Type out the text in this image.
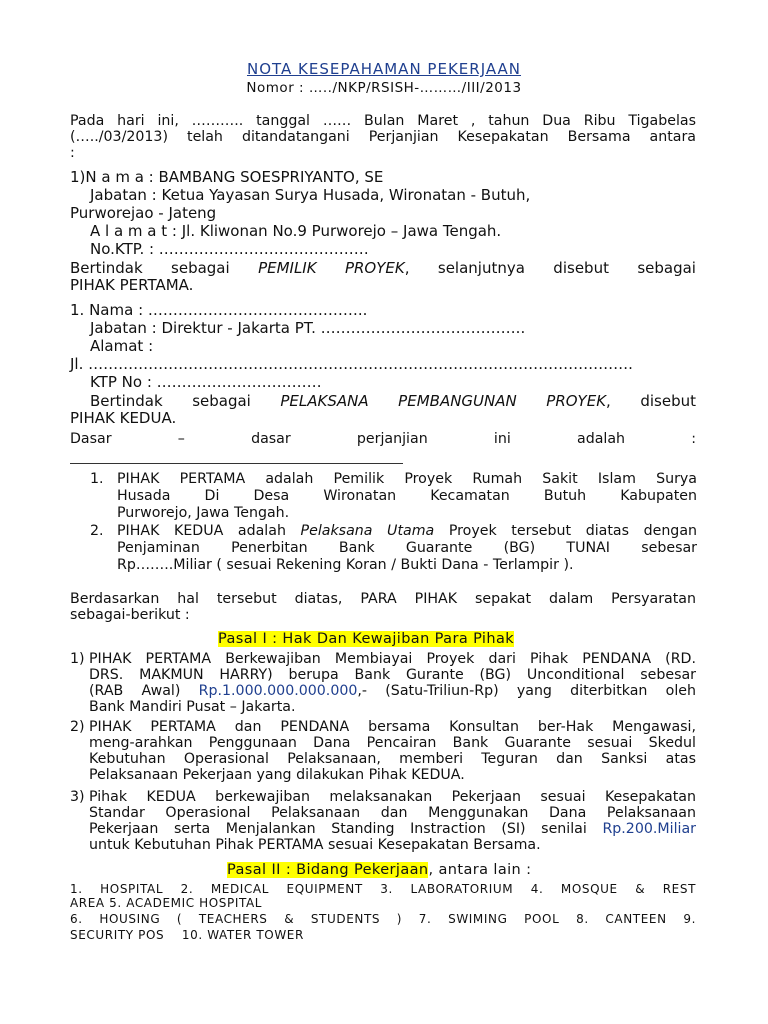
NOTA KESEPAHAMAN PEKERJAAN
Nomor : …../NKP/RSISH-………/III/2013
Pada hari ini, ……….. tanggal …… Bulan Maret , tahun Dua Ribu Tigabelas
(…../03/2013) telah ditandatangani Perjanjian Kesepakatan Bersama antara
:
1)N a m a : BAMBANG SOESPRIYANTO, SE
Jabatan : Ketua Yayasan Surya Husada, Wironatan - Butuh,
Purworejao - Jateng
A l a m a t : Jl. Kliwonan No.9 Purworejo – Jawa Tengah.
No.KTP. : ……………………………………
Bertindak sebagai PEMILIK PROYEK, selanjutnya disebut sebagai
PIHAK PERTAMA.
1. Nama : ……………………………………..
Jabatan : Direktur - Jakarta PT. …………………………………..
Alamat :
Jl. ……………………………………………………………………………………………….
KTP No : ……………………………
Bertindak sebagai PELAKSANA PEMBANGUNAN PROYEK, disebut
PIHAK KEDUA.
Dasar	–	dasar	perjanjian	ini	adalah	:
1. PIHAK PERTAMA adalah Pemilik Proyek Rumah Sakit Islam Surya
Husada Di Desa Wironatan Kecamatan Butuh Kabupaten
Purworejo, Jawa Tengah.
2. PIHAK KEDUA adalah Pelaksana Utama Proyek tersebut diatas dengan
Penjaminan Penerbitan Bank Guarante (BG) TUNAI sebesar
Rp……..Miliar ( sesuai Rekening Koran / Bukti Dana - Terlampir ).
Berdasarkan hal tersebut diatas, PARA PIHAK sepakat dalam Persyaratan
sebagai-berikut :
Pasal I : Hak Dan Kewajiban Para Pihak
1) PIHAK PERTAMA Berkewajiban Membiayai Proyek dari Pihak PENDANA (RD.
DRS. MAKMUN HARRY) berupa Bank Gurante (BG) Unconditional sebesar
(RAB Awal) Rp.1.000.000.000.000,- (Satu-Triliun-Rp) yang diterbitkan oleh
Bank Mandiri Pusat – Jakarta.
2) PIHAK PERTAMA dan PENDANA bersama Konsultan ber-Hak Mengawasi,
meng-arahkan Penggunaan Dana Pencairan Bank Guarante sesuai Skedul
Kebutuhan Operasional Pelaksanaan, memberi Teguran dan Sanksi atas
Pelaksanaan Pekerjaan yang dilakukan Pihak KEDUA.
3) Pihak KEDUA berkewajiban melaksanakan Pekerjaan sesuai Kesepakatan
Standar Operasional Pelaksanaan dan Menggunakan Dana Pelaksanaan
Pekerjaan serta Menjalankan Standing Instraction (SI) senilai Rp.200.Miliar
untuk Kebutuhan Pihak PERTAMA sesuai Kesepakatan Bersama.
Pasal II : Bidang Pekerjaan, antara lain :
1. HOSPITAL 2. MEDICAL EQUIPMENT 3. LABORATORIUM 4. MOSQUE & REST
AREA 5. ACADEMIC HOSPITAL
6. HOUSING ( TEACHERS & STUDENTS ) 7. SWIMING POOL 8. CANTEEN 9.
SECURITY POS 10. WATER TOWER
